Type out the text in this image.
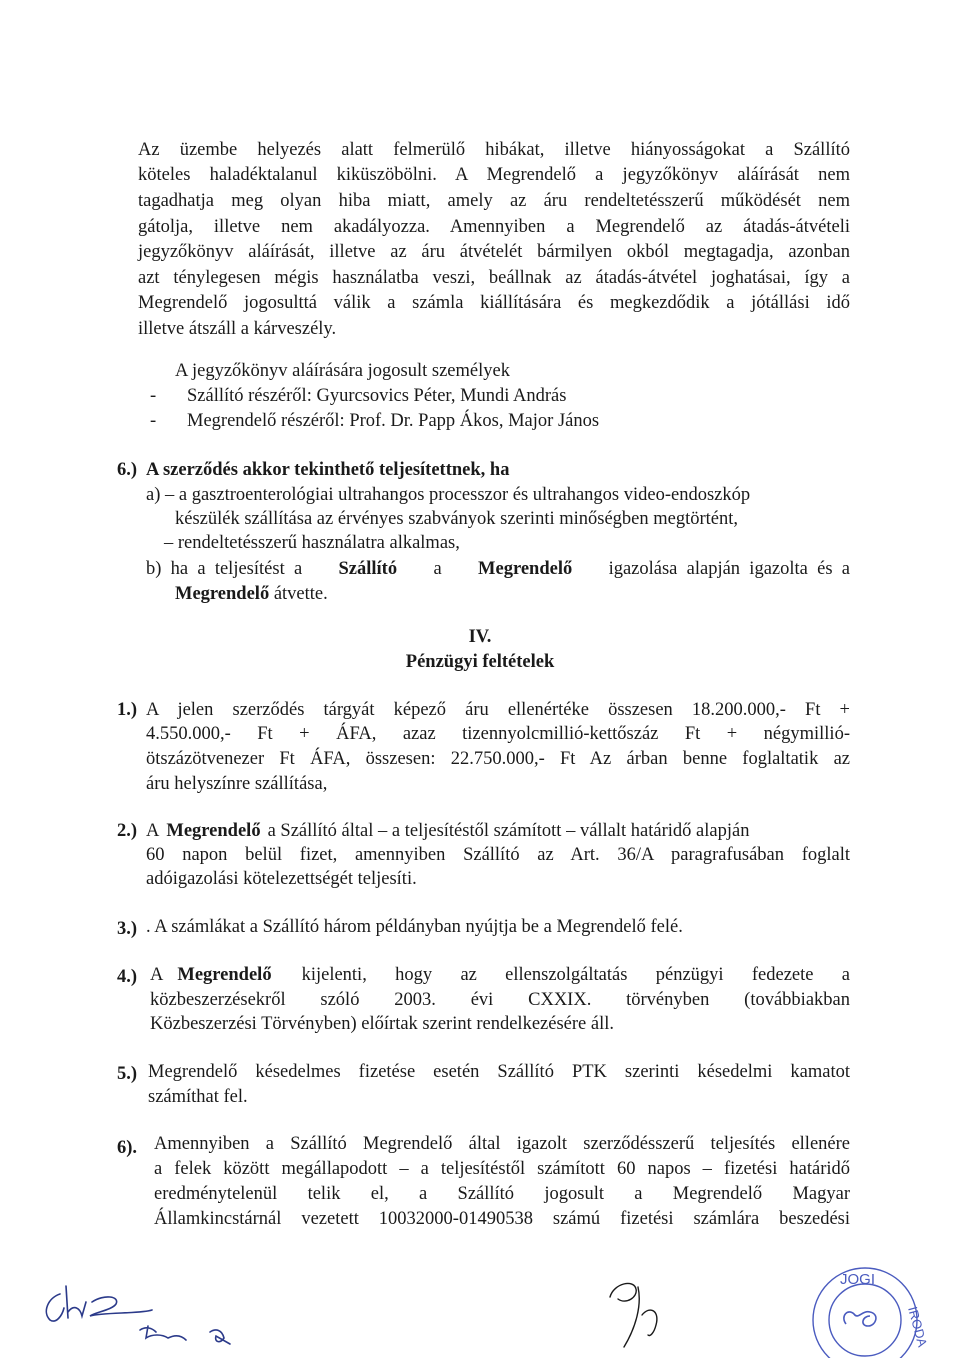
Az üzembe helyezés alatt felmerülő hibákat, illetve hiányosságokat a Szállító
köteles haladéktalanul kiküszöbölni. A Megrendelő a jegyzőkönyv aláírását nem
tagadhatja meg olyan hiba miatt, amely az áru rendeltetésszerű működését nem
gátolja, illetve nem akadályozza. Amennyiben a Megrendelő az átadás-átvételi
jegyzőkönyv aláírását, illetve az áru átvételét bármilyen okból megtagadja, azonban
azt ténylegesen mégis használatba veszi, beállnak az átadás-átvétel joghatásai, így a
Megrendelő jogosulttá válik a számla kiállítására és megkezdődik a jótállási idő
illetve átszáll a kárveszély.
A jegyzőkönyv aláírására jogosult személyek
- Szállító részéről: Gyurcsovics Péter, Mundi András
- Megrendelő részéről: Prof. Dr. Papp Ákos, Major János
6.) A szerződés akkor tekinthető teljesítettnek, ha
a) – a gasztroenterológiai ultrahangos processzor és ultrahangos video-endoszkóp
készülék szállítása az érvényes szabványok szerinti minőségben megtörtént,
– rendeltetésszerű használatra alkalmas,
b)  ha  a  teljesítést  a Szállító a Megrendelő igazolása  alapján  igazolta  és  a
Megrendelő átvette.
IV.
Pénzügyi feltételek
1.) A jelen szerződés tárgyát képező áru ellenértéke összesen 18.200.000,- Ft +
4.550.000,- Ft + ÁFA, azaz tizennyolcmillió-kettőszáz Ft + négymillió-
ötszázötvenezer Ft ÁFA, összesen: 22.750.000,- Ft Az árban benne foglaltatik az
áru helyszínre szállítása,
2.) A Megrendelő a Szállító által – a teljesítéstől számított – vállalt határidő alapján
60 napon belül fizet, amennyiben Szállító az Art. 36/A paragrafusában foglalt
adóigazolási kötelezettségét teljesíti.
3.) . A számlákat a Szállító három példányban nyújtja be a Megrendelő felé.
4.) A Megrendelő kijelenti, hogy az ellenszolgáltatás pénzügyi fedezete a
közbeszerzésekről szóló 2003. évi CXXIX. törvényben (továbbiakban
Közbeszerzési Törvényben) előírtak szerint rendelkezésére áll.
5.) Megrendelő késedelmes fizetése esetén Szállító PTK szerinti késedelmi kamatot
számíthat fel.
6). Amennyiben a Szállító Megrendelő által igazolt szerződésszerű teljesítés ellenére
a felek között megállapodott – a teljesítéstől számított 60 napos – fizetési határidő
eredménytelenül telik el, a Szállító jogosult a Megrendelő Magyar
Államkincstárnál vezetett 10032000-01490538 számú fizetési számlára beszedési
JOGI
IRODA
